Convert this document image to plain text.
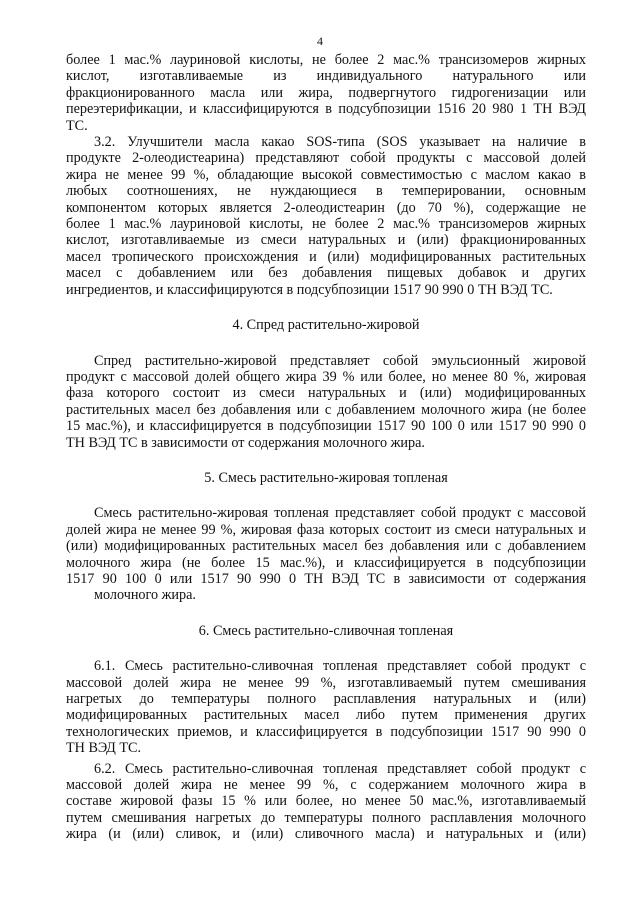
4
более 1 мас.% лауриновой кислоты, не более 2 мас.% трансизомеров жирных
кислот, изготавливаемые из индивидуального натурального или
фракционированного масла или жира, подвергнутого гидрогенизации или
переэтерификации, и классифицируются в подсубпозиции 1516 20 980 1 ТН ВЭД
ТС.
3.2. Улучшители масла какао SOS-типа (SOS указывает на наличие в
продукте 2-олеодистеарина) представляют собой продукты с массовой долей
жира не менее 99 %, обладающие высокой совместимостью с маслом какао в
любых соотношениях, не нуждающиеся в темперировании, основным
компонентом которых является 2-олеодистеарин (до 70 %), содержащие не
более 1 мас.% лауриновой кислоты, не более 2 мас.% трансизомеров жирных
кислот, изготавливаемые из смеси натуральных и (или) фракционированных
масел тропического происхождения и (или) модифицированных растительных
масел с добавлением или без добавления пищевых добавок и других
ингредиентов, и классифицируются в подсубпозиции 1517 90 990 0 ТН ВЭД ТС.
4. Спред растительно-жировой
Спред растительно-жировой представляет собой эмульсионный жировой
продукт с массовой долей общего жира 39 % или более, но менее 80 %, жировая
фаза которого состоит из смеси натуральных и (или) модифицированных
растительных масел без добавления или с добавлением молочного жира (не более
15 мас.%), и классифицируется в подсубпозиции 1517 90 100 0 или 1517 90 990 0
ТН ВЭД ТС в зависимости от содержания молочного жира.
5. Смесь растительно-жировая топленая
Смесь растительно-жировая топленая представляет собой продукт с массовой
долей жира не менее 99 %, жировая фаза которых состоит из смеси натуральных и
(или) модифицированных растительных масел без добавления или с добавлением
молочного жира (не более 15 мас.%), и классифицируется в подсубпозиции
1517 90 100 0 или 1517 90 990 0 ТН ВЭД ТС в зависимости от содержания
молочного жира.
6. Смесь растительно-сливочная топленая
6.1. Смесь растительно-сливочная топленая представляет собой продукт с
массовой долей жира не менее 99 %, изготавливаемый путем смешивания
нагретых до температуры полного расплавления натуральных и (или)
модифицированных растительных масел либо путем применения других
технологических приемов, и классифицируется в подсубпозиции 1517 90 990 0
ТН ВЭД ТС.
6.2. Смесь растительно-сливочная топленая представляет собой продукт с
массовой долей жира не менее 99 %, с содержанием молочного жира в
составе жировой фазы 15 % или более, но менее 50 мас.%, изготавливаемый
путем смешивания нагретых до температуры полного расплавления молочного
жира (и (или) сливок, и (или) сливочного масла) и натуральных и (или)
